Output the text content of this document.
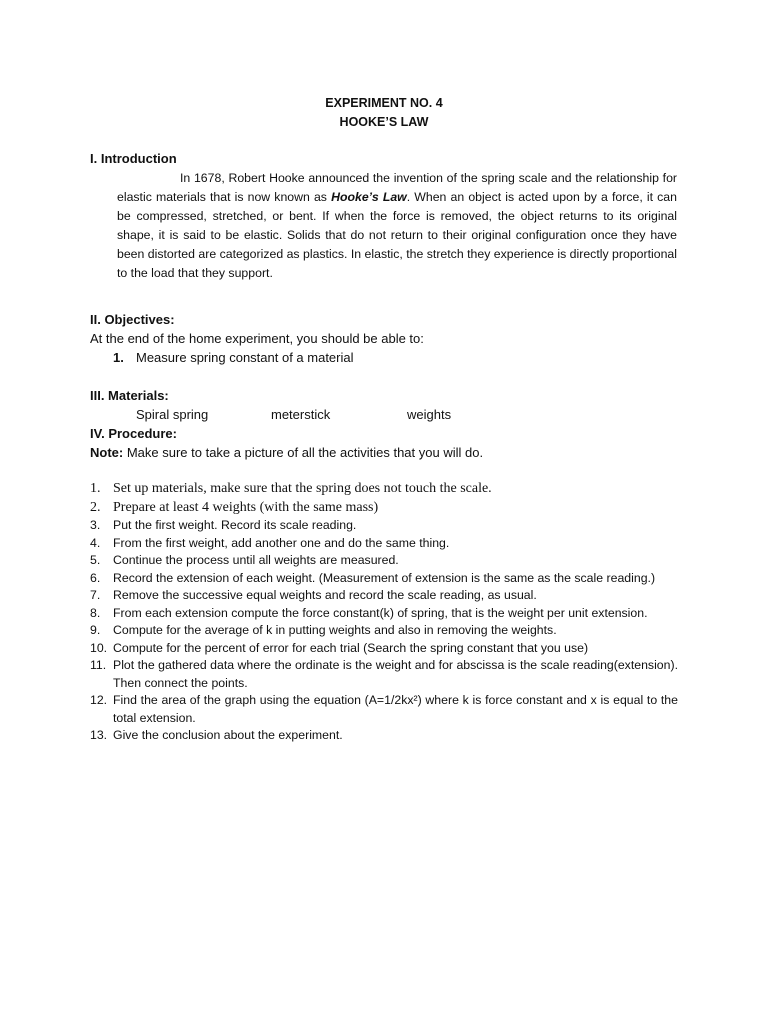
EXPERIMENT NO. 4
HOOKE’S LAW
I. Introduction

In 1678, Robert Hooke announced the invention of the spring scale and the relationship for elastic materials that is now known as Hooke’s Law. When an object is acted upon by a force, it can be compressed, stretched, or bent. If when the force is removed, the object returns to its original shape, it is said to be elastic. Solids that do not return to their original configuration once they have been distorted are categorized as plastics. In elastic, the stretch they experience is directly proportional to the load that they support.

II. Objectives:
At the end of the home experiment, you should be able to:
1. Measure spring constant of a material
III. Materials:
Spiral spring	meterstick	weights
IV. Procedure:
Note: Make sure to take a picture of all the activities that you will do.
1. Set up materials, make sure that the spring does not touch the scale.
2. Prepare at least 4 weights (with the same mass)
3. Put the first weight. Record its scale reading.
4. From the first weight, add another one and do the same thing.
5. Continue the process until all weights are measured.
6. Record the extension of each weight. (Measurement of extension is the same as the scale reading.)
7. Remove the successive equal weights and record the scale reading, as usual.
8. From each extension compute the force constant(k) of spring, that is the weight per unit extension.
9. Compute for the average of k in putting weights and also in removing the weights.
10. Compute for the percent of error for each trial (Search the spring constant that you use)
11. Plot the gathered data where the ordinate is the weight and for abscissa is the scale reading(extension). Then connect the points.
12. Find the area of the graph using the equation (A=1/2kx²) where k is force constant and x is equal to the total extension.
13. Give the conclusion about the experiment.
